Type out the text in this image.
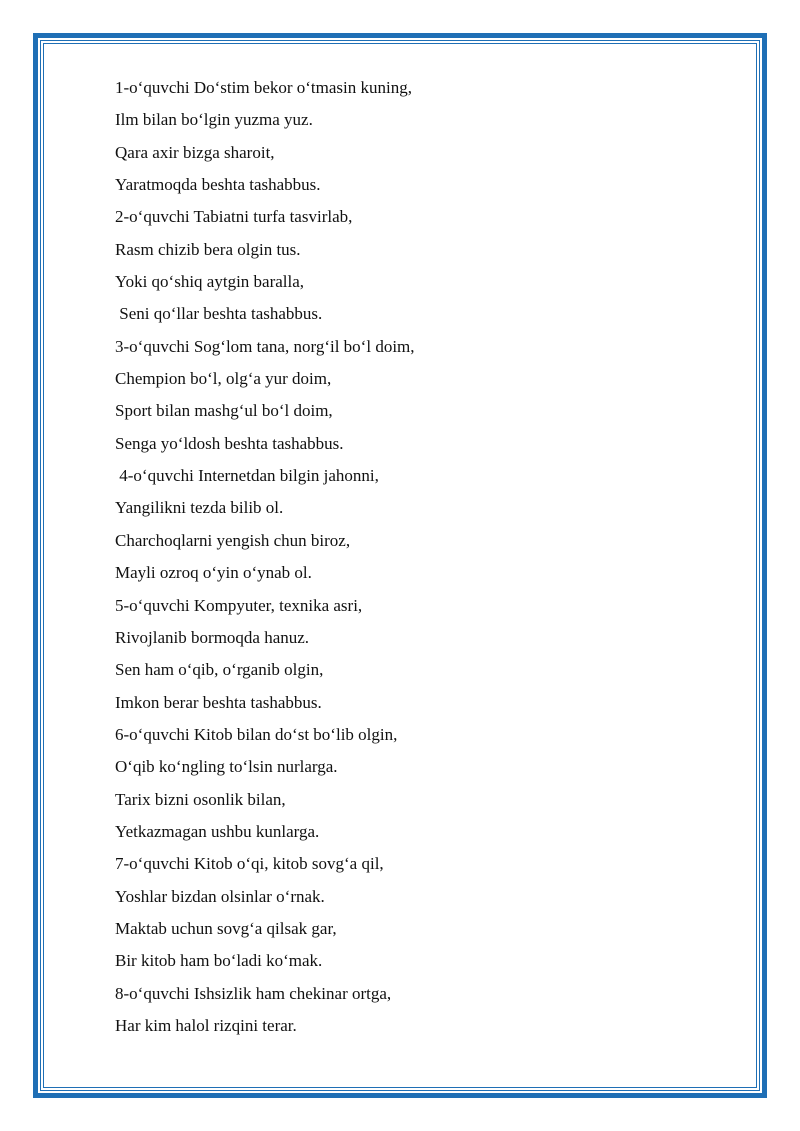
1-o‘quvchi Do‘stim bekor o‘tmasin kuning,
Ilm bilan bo‘lgin yuzma yuz.
Qara axir bizga sharoit,
Yaratmoqda beshta tashabbus.
2-o‘quvchi Tabiatni turfa tasvirlab,
Rasm chizib bera olgin tus.
Yoki qo‘shiq aytgin baralla,
Seni qo‘llar beshta tashabbus.
3-o‘quvchi Sog‘lom tana, norg‘il bo‘l doim,
Chempion bo‘l, olg‘a yur doim,
Sport bilan mashg‘ul bo‘l doim,
Senga yo‘ldosh beshta tashabbus.
4-o‘quvchi Internetdan bilgin jahonni,
Yangilikni tezda bilib ol.
Charchoqlarni yengish chun biroz,
Mayli ozroq o‘yin o‘ynab ol.
5-o‘quvchi Kompyuter, texnika asri,
Rivojlanib bormoqda hanuz.
Sen ham o‘qib, o‘rganib olgin,
Imkon berar beshta tashabbus.
6-o‘quvchi Kitob bilan do‘st bo‘lib olgin,
O‘qib ko‘ngling to‘lsin nurlarga.
Tarix bizni osonlik bilan,
Yetkazmagan ushbu kunlarga.
7-o‘quvchi Kitob o‘qi, kitob sovg‘a qil,
Yoshlar bizdan olsinlar o‘rnak.
Maktab uchun sovg‘a qilsak gar,
Bir kitob ham bo‘ladi ko‘mak.
8-o‘quvchi Ishsizlik ham chekinar ortga,
Har kim halol rizqini terar.
